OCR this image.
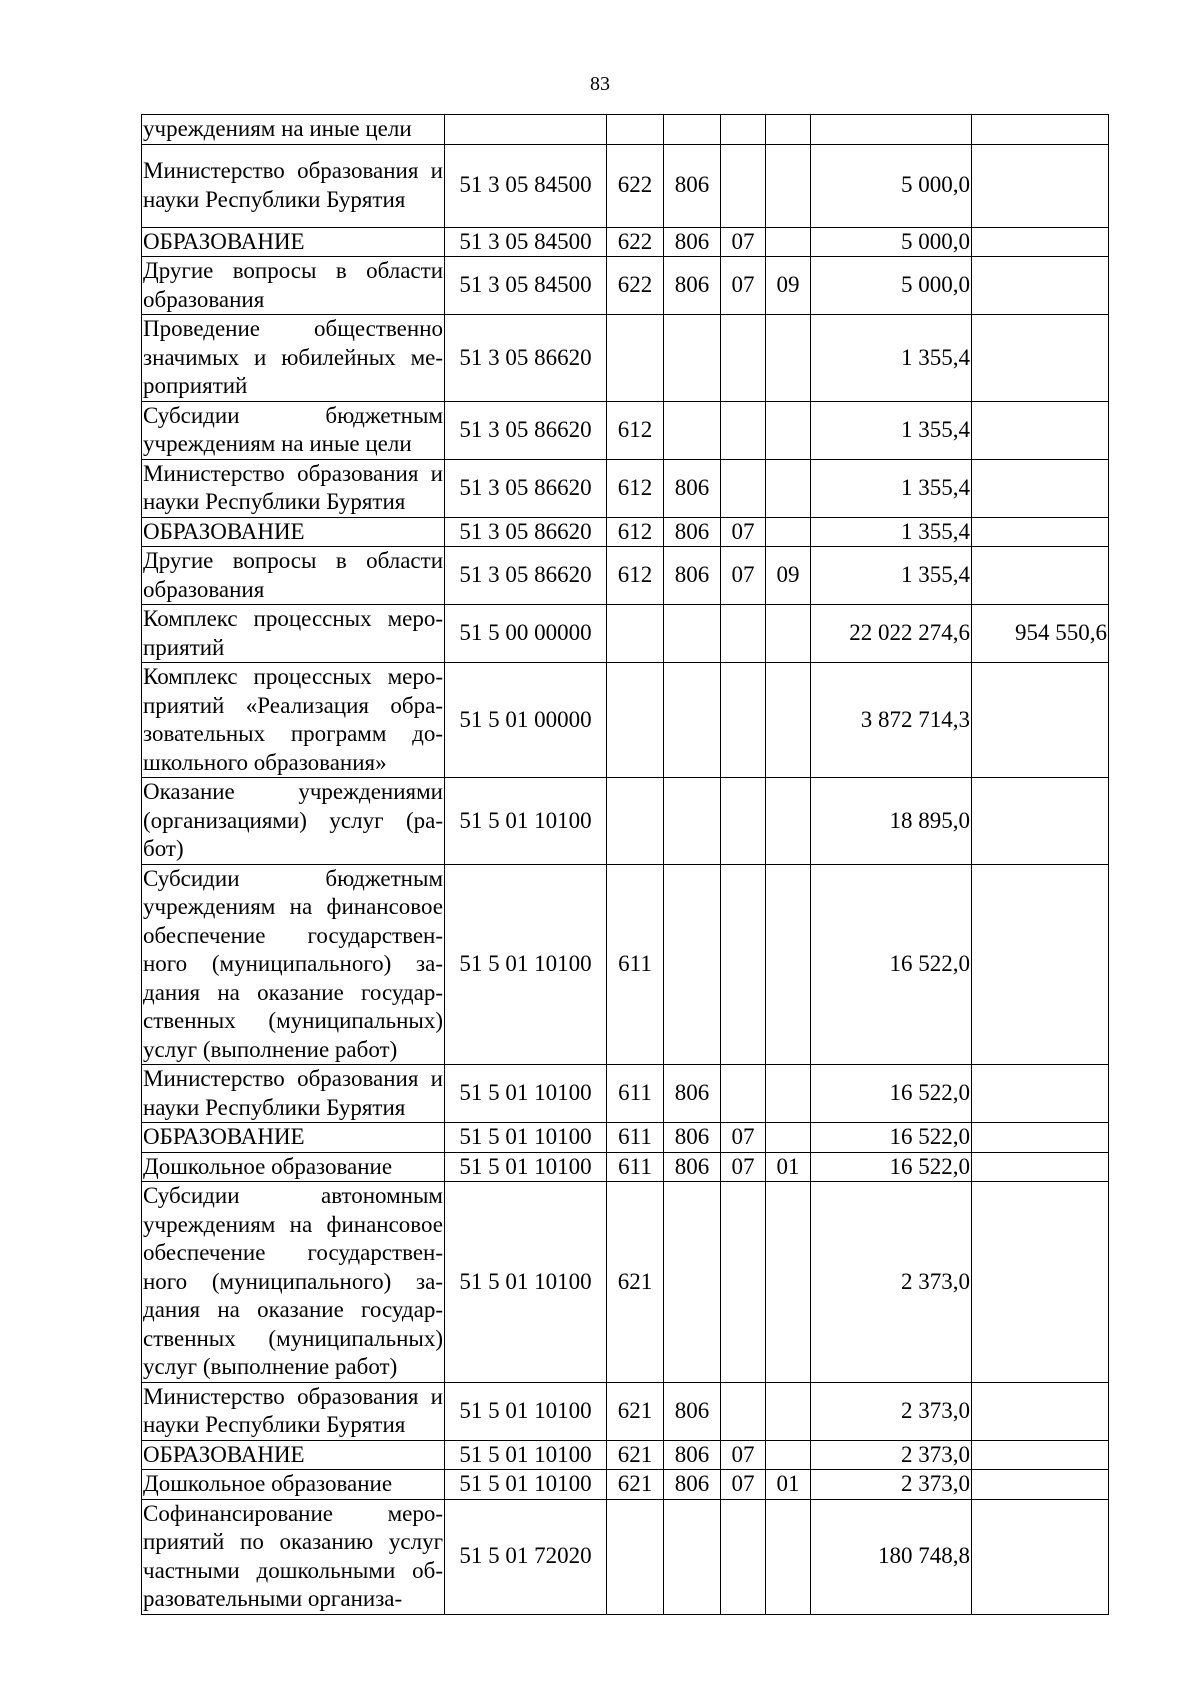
83
учреждениям на иные цели							
Министерство образования и науки Республики Бурятия	51 3 05 84500	622	806			5 000,0	
ОБРАЗОВАНИЕ	51 3 05 84500	622	806	07		5 000,0	
Другие вопросы в области образования	51 3 05 84500	622	806	07	09	5 000,0	
Проведение общественно значимых и юбилейных ме-роприятий	51 3 05 86620					1 355,4	
Субсидии бюджетным учреждениям на иные цели	51 3 05 86620	612				1 355,4	
Министерство образования и науки Республики Бурятия	51 3 05 86620	612	806			1 355,4	
ОБРАЗОВАНИЕ	51 3 05 86620	612	806	07		1 355,4	
Другие вопросы в области образования	51 3 05 86620	612	806	07	09	1 355,4	
Комплекс процессных меро-приятий	51 5 00 00000					22 022 274,6	954 550,6
Комплекс процессных меро-приятий «Реализация обра-зовательных программ до-школьного образования»	51 5 01 00000					3 872 714,3	
Оказание учреждениями (организациями) услуг (ра-бот)	51 5 01 10100					18 895,0	
Субсидии бюджетным учреждениям на финансовое обеспечение государствен-ного (муниципального) за-дания на оказание государ-ственных (муниципальных) услуг (выполнение работ)	51 5 01 10100	611				16 522,0	
Министерство образования и науки Республики Бурятия	51 5 01 10100	611	806			16 522,0	
ОБРАЗОВАНИЕ	51 5 01 10100	611	806	07		16 522,0	
Дошкольное образование	51 5 01 10100	611	806	07	01	16 522,0	
Субсидии автономным учреждениям на финансовое обеспечение государствен-ного (муниципального) за-дания на оказание государ-ственных (муниципальных) услуг (выполнение работ)	51 5 01 10100	621				2 373,0	
Министерство образования и науки Республики Бурятия	51 5 01 10100	621	806			2 373,0	
ОБРАЗОВАНИЕ	51 5 01 10100	621	806	07		2 373,0	
Дошкольное образование	51 5 01 10100	621	806	07	01	2 373,0	
Софинансирование меро-приятий по оказанию услуг частными дошкольными об-разовательными организа-	51 5 01 72020					180 748,8	
